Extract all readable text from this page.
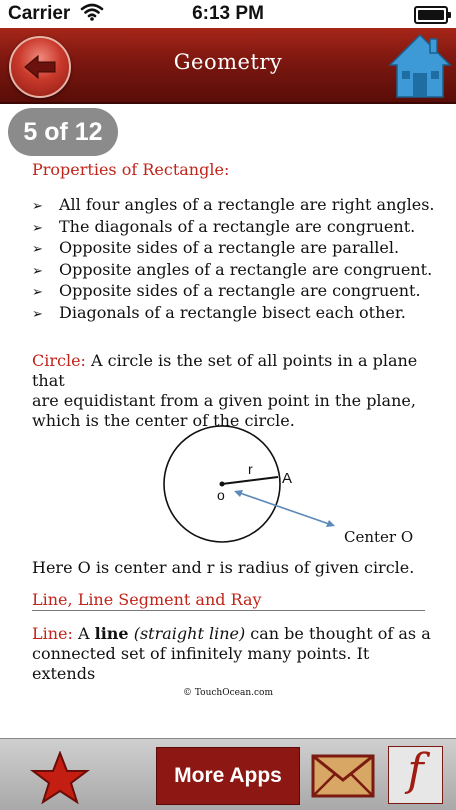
Carrier	6:13 PM
Geometry
5 of 12
Properties of Rectangle:
➢ All four angles of a rectangle are right angles.
➢ The diagonals of a rectangle are congruent.
➢ Opposite sides of a rectangle are parallel.
➢ Opposite angles of a rectangle are congruent.
➢ Opposite sides of a rectangle are congruent.
➢ Diagonals of a rectangle bisect each other.
Circle: A circle is the set of all points in a plane that
are equidistant from a given point in the plane,
which is the center of the circle.
r
A
o
Center O
Here O is center and r is radius of given circle.
Line, Line Segment and Ray
Line: A line (straight line) can be thought of as a
connected set of infinitely many points. It extends
© TouchOcean.com
More Apps	f
